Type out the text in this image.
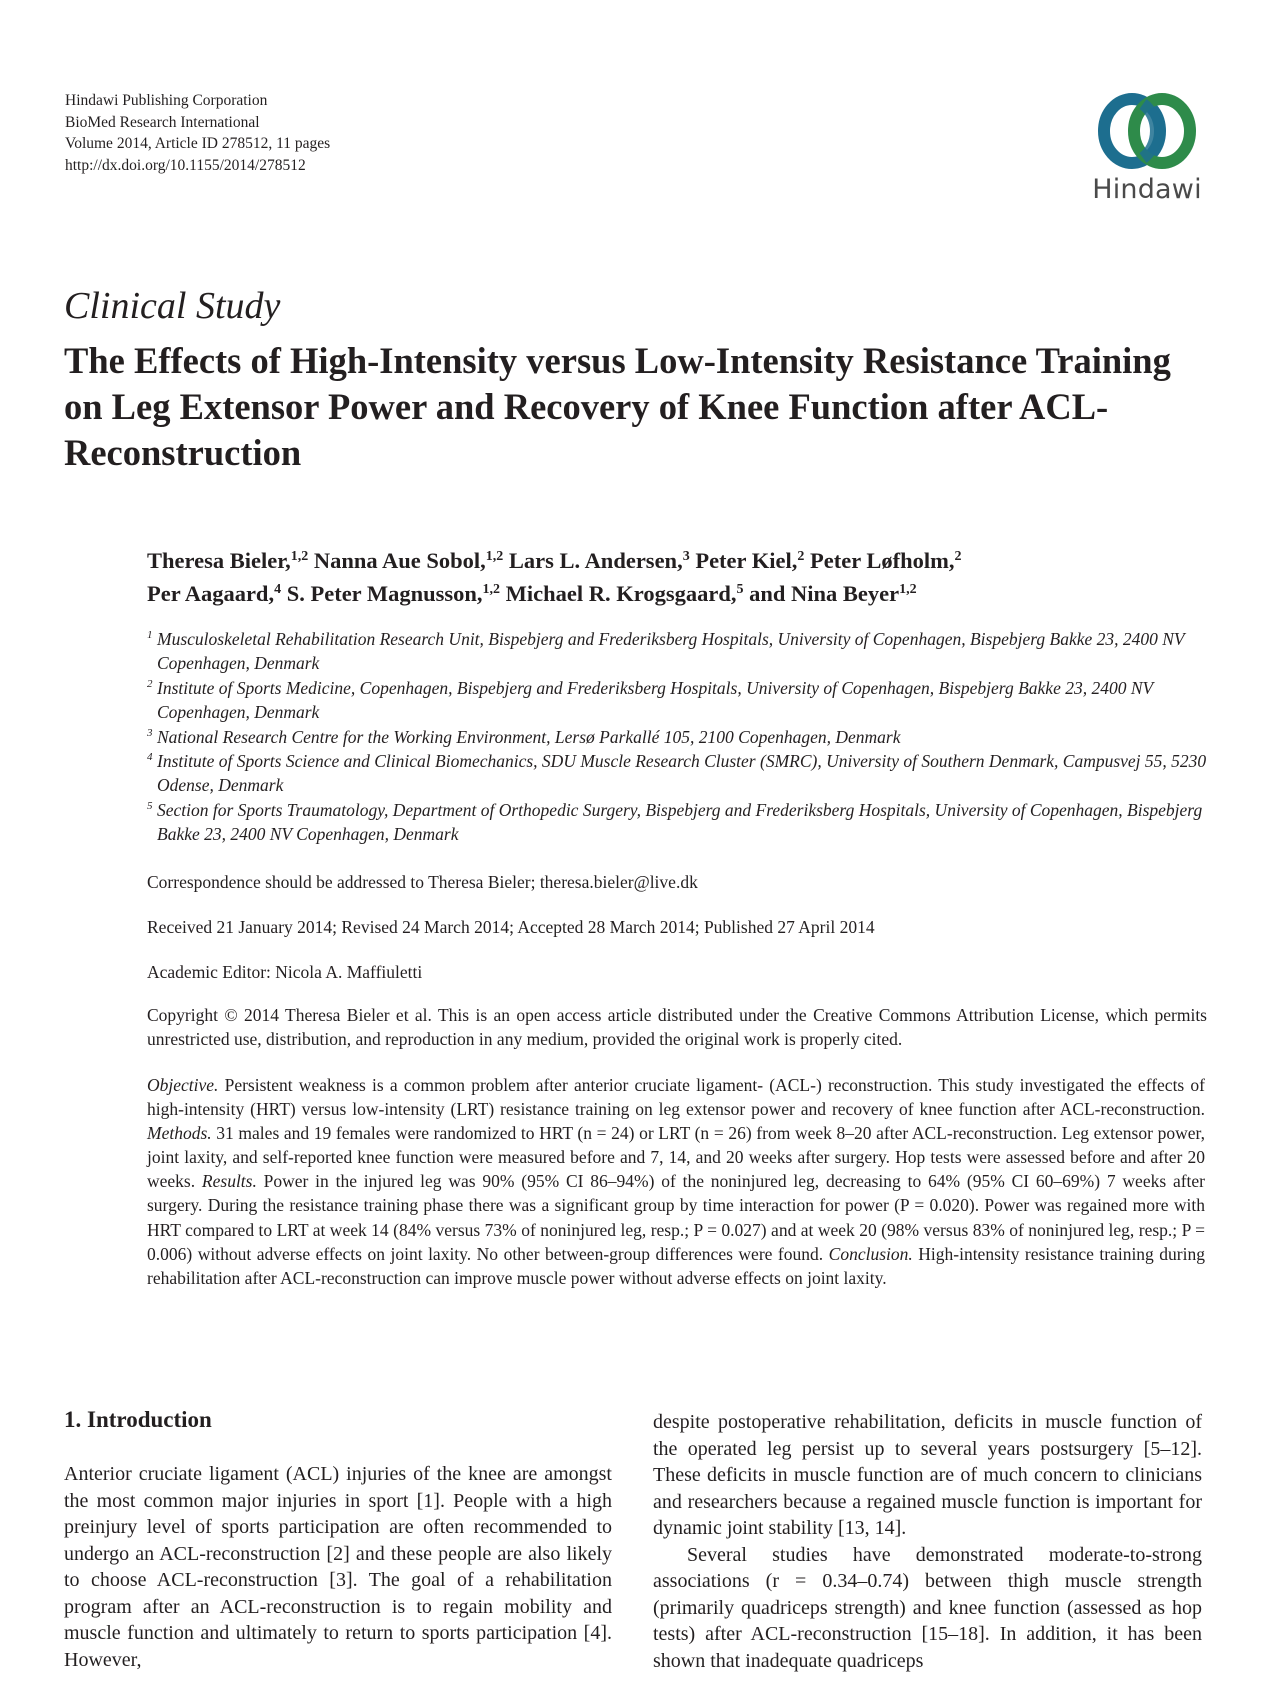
Hindawi Publishing Corporation
BioMed Research International
Volume 2014, Article ID 278512, 11 pages
http://dx.doi.org/10.1155/2014/278512
Hindawi
Clinical Study
The Effects of High-Intensity versus Low-Intensity Resistance Training on Leg Extensor Power and Recovery of Knee Function after ACL-Reconstruction
Theresa Bieler,$^{1,2}$ Nanna Aue Sobol,$^{1,2}$ Lars L. Andersen,$^3$ Peter Kiel,$^2$ Peter Løfholm,$^2$
Per Aagaard,$^4$ S. Peter Magnusson,$^{1,2}$ Michael R. Krogsgaard,$^5$ and Nina Beyer$^{1,2}$
1 Musculoskeletal Rehabilitation Research Unit, Bispebjerg and Frederiksberg Hospitals, University of Copenhagen, Bispebjerg Bakke 23, 2400 NV Copenhagen, Denmark
2 Institute of Sports Medicine, Copenhagen, Bispebjerg and Frederiksberg Hospitals, University of Copenhagen, Bispebjerg Bakke 23, 2400 NV Copenhagen, Denmark
3 National Research Centre for the Working Environment, Lersø Parkallé 105, 2100 Copenhagen, Denmark
4 Institute of Sports Science and Clinical Biomechanics, SDU Muscle Research Cluster (SMRC), University of Southern Denmark, Campusvej 55, 5230 Odense, Denmark
5 Section for Sports Traumatology, Department of Orthopedic Surgery, Bispebjerg and Frederiksberg Hospitals, University of Copenhagen, Bispebjerg Bakke 23, 2400 NV Copenhagen, Denmark
Correspondence should be addressed to Theresa Bieler; theresa.bieler@live.dk
Received 21 January 2014; Revised 24 March 2014; Accepted 28 March 2014; Published 27 April 2014
Academic Editor: Nicola A. Maffiuletti
Copyright © 2014 Theresa Bieler et al. This is an open access article distributed under the Creative Commons Attribution License, which permits unrestricted use, distribution, and reproduction in any medium, provided the original work is properly cited.
Objective. Persistent weakness is a common problem after anterior cruciate ligament- (ACL-) reconstruction. This study investigated the effects of high-intensity (HRT) versus low-intensity (LRT) resistance training on leg extensor power and recovery of knee function after ACL-reconstruction. Methods. 31 males and 19 females were randomized to HRT (n = 24) or LRT (n = 26) from week 8–20 after ACL-reconstruction. Leg extensor power, joint laxity, and self-reported knee function were measured before and 7, 14, and 20 weeks after surgery. Hop tests were assessed before and after 20 weeks. Results. Power in the injured leg was 90% (95% CI 86–94%) of the noninjured leg, decreasing to 64% (95% CI 60–69%) 7 weeks after surgery. During the resistance training phase there was a significant group by time interaction for power (P = 0.020). Power was regained more with HRT compared to LRT at week 14 (84% versus 73% of noninjured leg, resp.; P = 0.027) and at week 20 (98% versus 83% of noninjured leg, resp.; P = 0.006) without adverse effects on joint laxity. No other between-group differences were found. Conclusion. High-intensity resistance training during rehabilitation after ACL-reconstruction can improve muscle power without adverse effects on joint laxity.
1. Introduction

Anterior cruciate ligament (ACL) injuries of the knee are amongst the most common major injuries in sport [1]. People with a high preinjury level of sports participation are often recommended to undergo an ACL-reconstruction [2] and these people are also likely to choose ACL-reconstruction [3]. The goal of a rehabilitation program after an ACL-reconstruction is to regain mobility and muscle function and ultimately to return to sports participation [4]. However,

despite postoperative rehabilitation, deficits in muscle function of the operated leg persist up to several years postsurgery [5–12]. These deficits in muscle function are of much concern to clinicians and researchers because a regained muscle function is important for dynamic joint stability [13, 14].

Several studies have demonstrated moderate-to-strong associations (r = 0.34–0.74) between thigh muscle strength (primarily quadriceps strength) and knee function (assessed as hop tests) after ACL-reconstruction [15–18]. In addition, it has been shown that inadequate quadriceps
